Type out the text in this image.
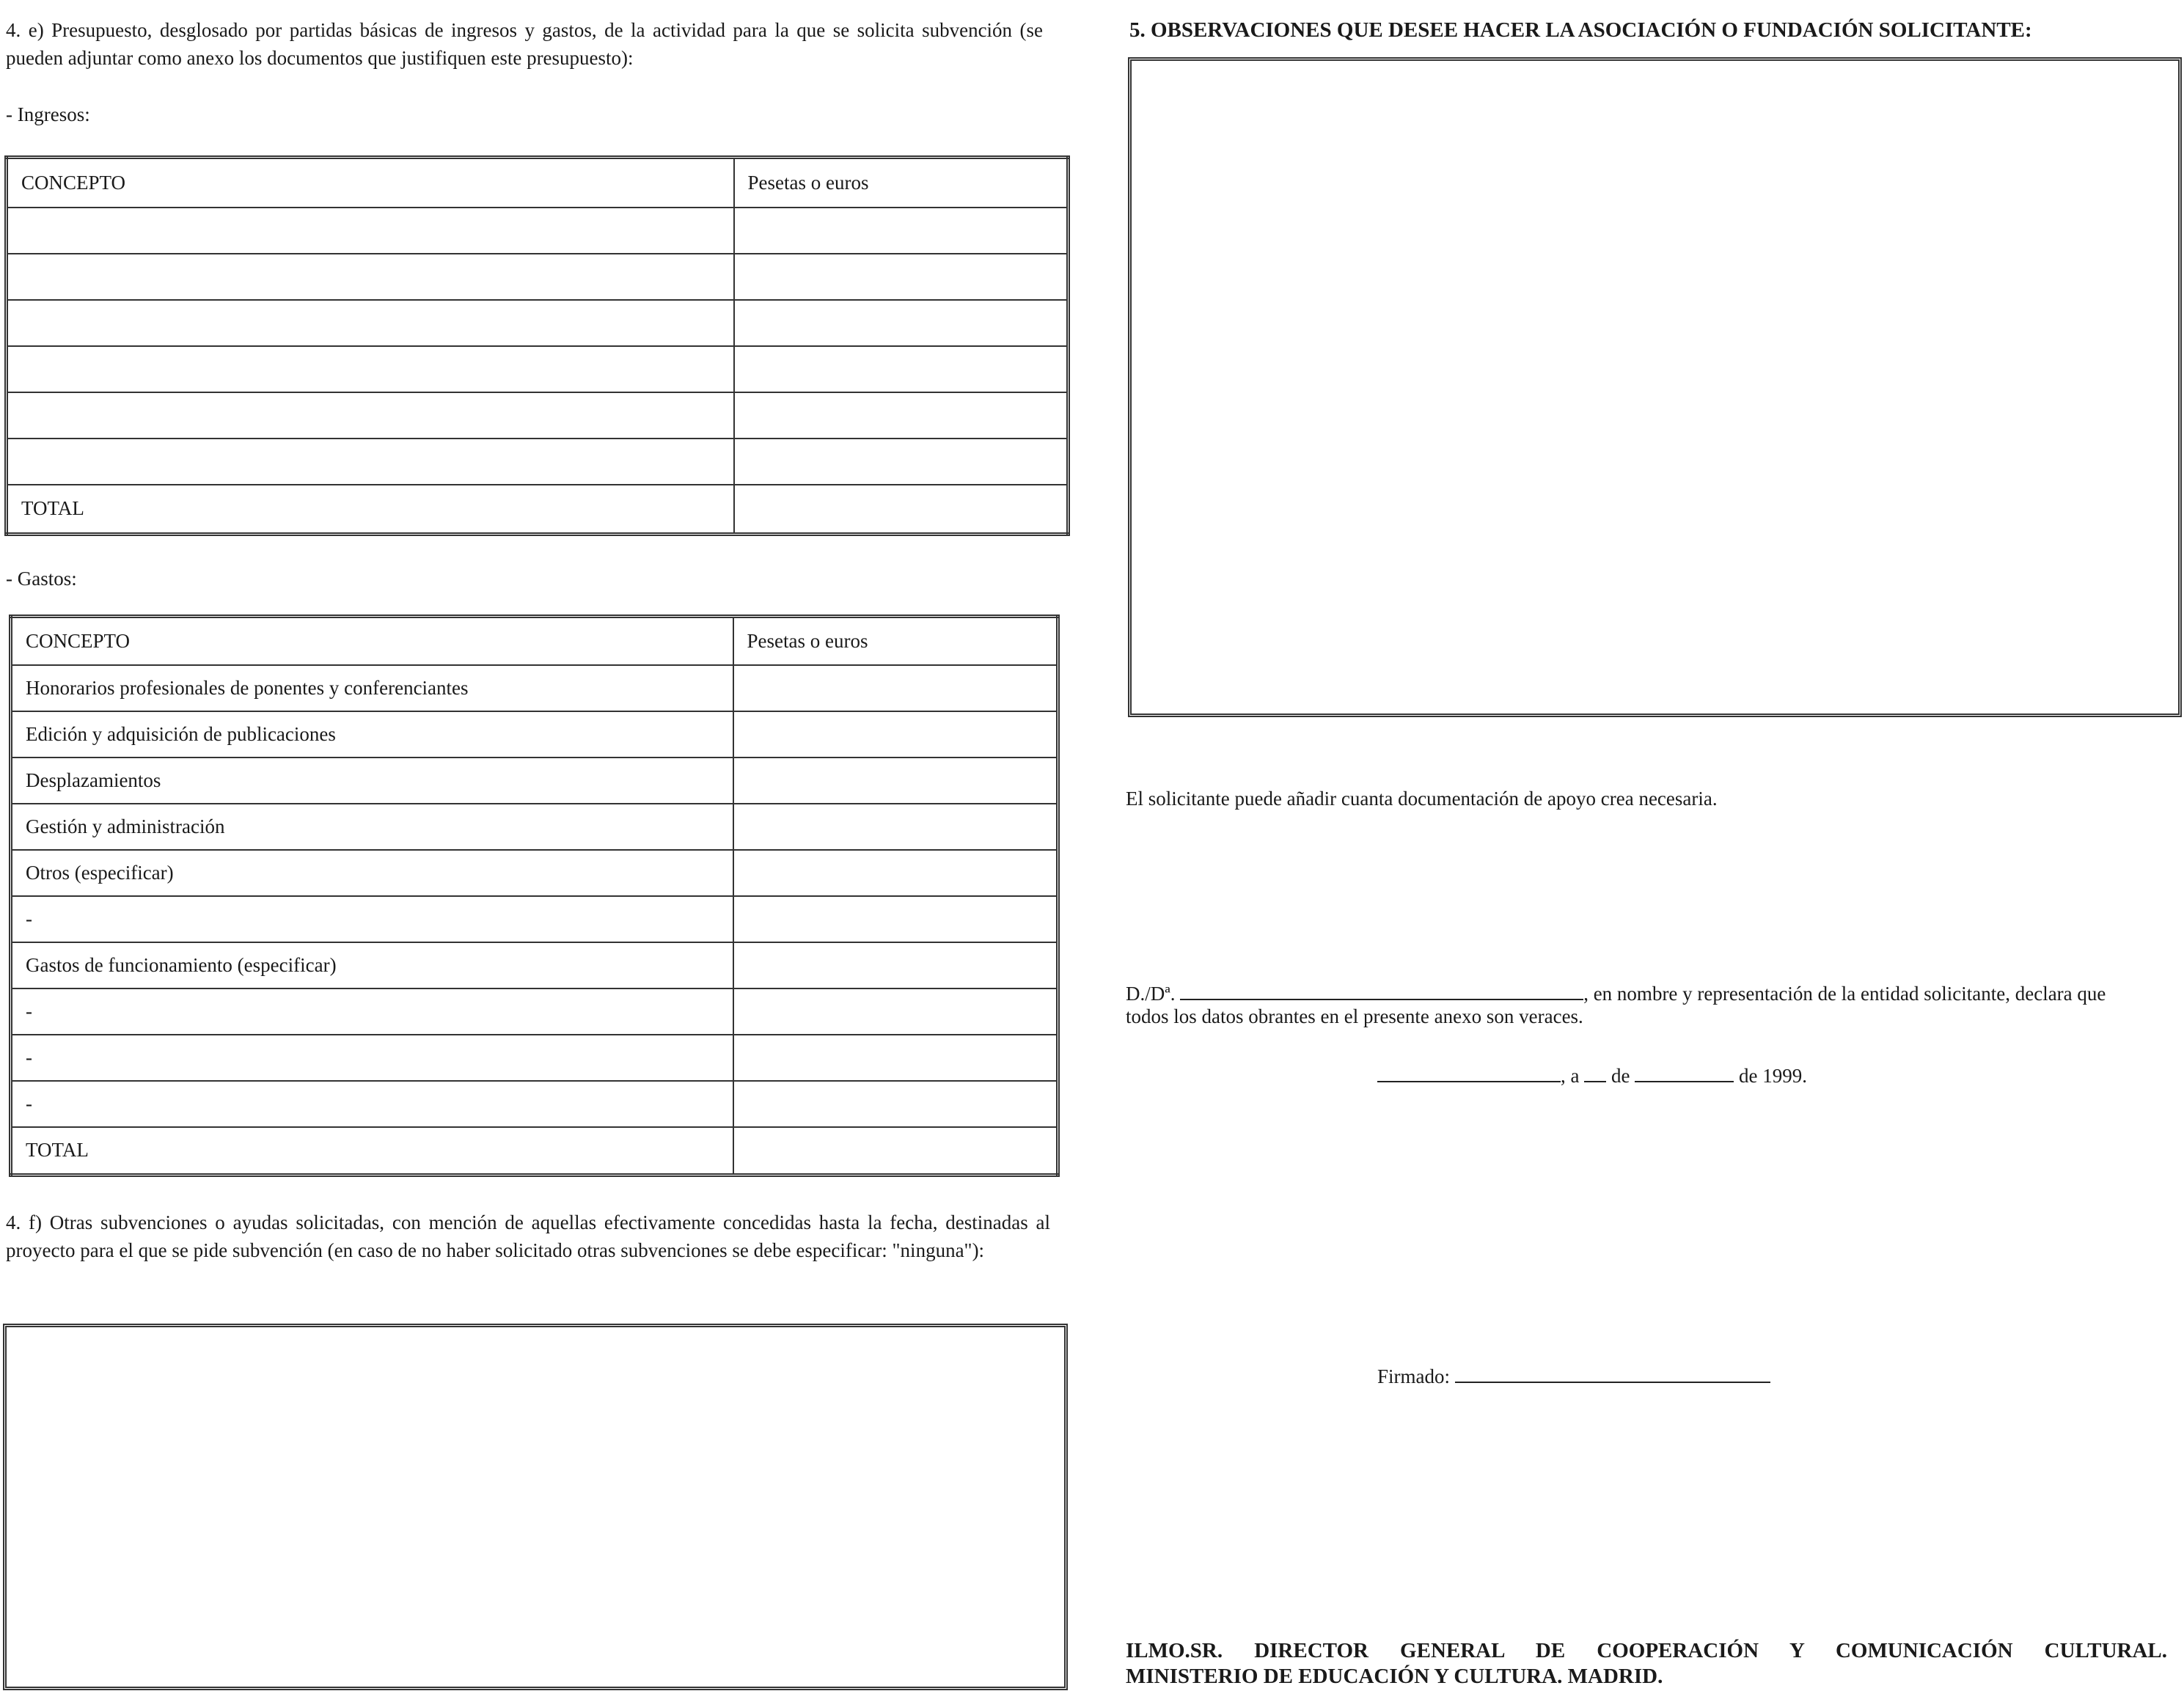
4. e) Presupuesto, desglosado por partidas básicas de ingresos y gastos, de la actividad para la que se solicita subvención (se pueden adjuntar como anexo los documentos que justifiquen este presupuesto):
- Ingresos:
CONCEPTO	Pesetas o euros

TOTAL	
- Gastos:
CONCEPTO	Pesetas o euros
Honorarios profesionales de ponentes y conferenciantes	
Edición y adquisición de publicaciones	
Desplazamientos	
Gestión y administración	
Otros (especificar)	
-	
Gastos de funcionamiento (especificar)	
-	
-	
-	
TOTAL	
4. f) Otras subvenciones o ayudas solicitadas, con mención de aquellas efectivamente concedidas hasta la fecha, destinadas al proyecto para el que se pide subvención (en caso de no haber solicitado otras subvenciones se debe especificar: "ninguna"):
5. OBSERVACIONES QUE DESEE HACER LA ASOCIACIÓN O FUNDACIÓN SOLICITANTE:
El solicitante puede añadir cuanta documentación de apoyo crea necesaria.
D./Dª.	, en nombre y representación de la entidad solicitante, declara que
todos los datos obrantes en el presente anexo son veraces.
, a de	de 1999.
Firmado:
ILMO.SR. DIRECTOR GENERAL DE COOPERACIÓN Y COMUNICACIÓN CULTURAL.
MINISTERIO DE EDUCACIÓN Y CULTURA. MADRID.
